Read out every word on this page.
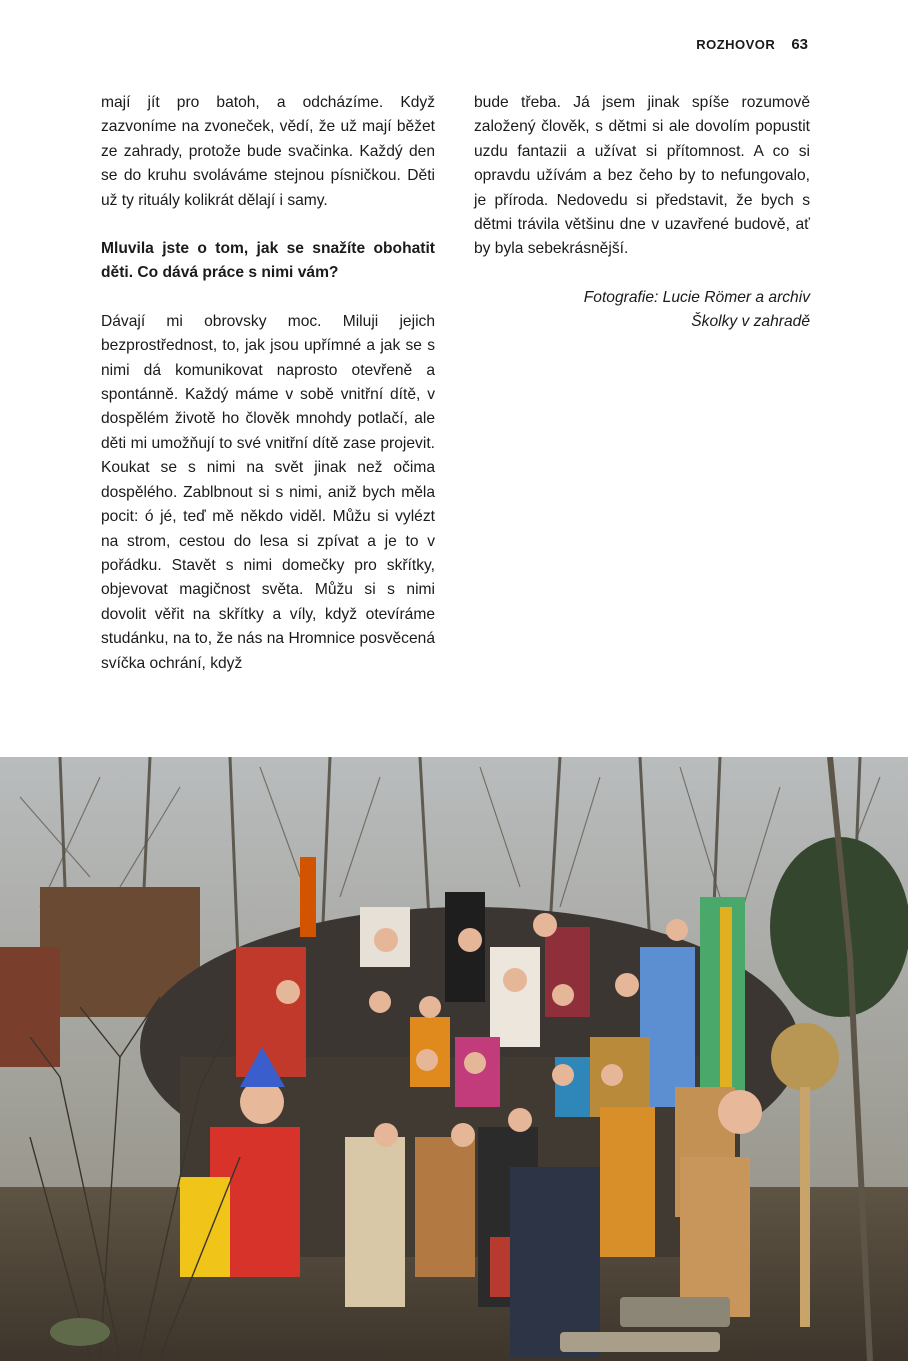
ROZHOVOR 63

mají jít pro batoh, a odcházíme. Když zazvoníme na zvoneček, vědí, že už mají běžet ze zahrady, protože bude svačinka. Každý den se do kruhu svoláváme stejnou písničkou. Děti už ty rituály kolikrát dělají i samy.

Mluvila jste o tom, jak se snažíte obohatit děti. Co dává práce s nimi vám?

Dávají mi obrovsky moc. Miluji jejich bezprostřednost, to, jak jsou upřímné a jak se s nimi dá komunikovat naprosto otevřeně a spontánně. Každý máme v sobě vnitřní dítě, v dospělém životě ho člověk mnohdy potlačí, ale děti mi umožňují to své vnitřní dítě zase projevit. Koukat se s nimi na svět jinak než očima dospělého. Zablbnout si s nimi, aniž bych měla pocit: ó jé, teď mě někdo viděl. Můžu si vylézt na strom, cestou do lesa si zpívat a je to v pořádku. Stavět s nimi domečky pro skřítky, objevovat magičnost světa. Můžu si s nimi dovolit věřit na skřítky a víly, když otevíráme studánku, na to, že nás na Hromnice posvěcená svíčka ochrání, když

bude třeba. Já jsem jinak spíše rozumově založený člověk, s dětmi si ale dovolím popustit uzdu fantazii a užívat si přítomnost. A co si opravdu užívám a bez čeho by to nefungovalo, je příroda. Nedovedu si představit, že bych s dětmi trávila většinu dne v uzavřené budově, ať by byla sebekrásnější.

Fotografie: Lucie Römer a archiv
Školky v zahradě
